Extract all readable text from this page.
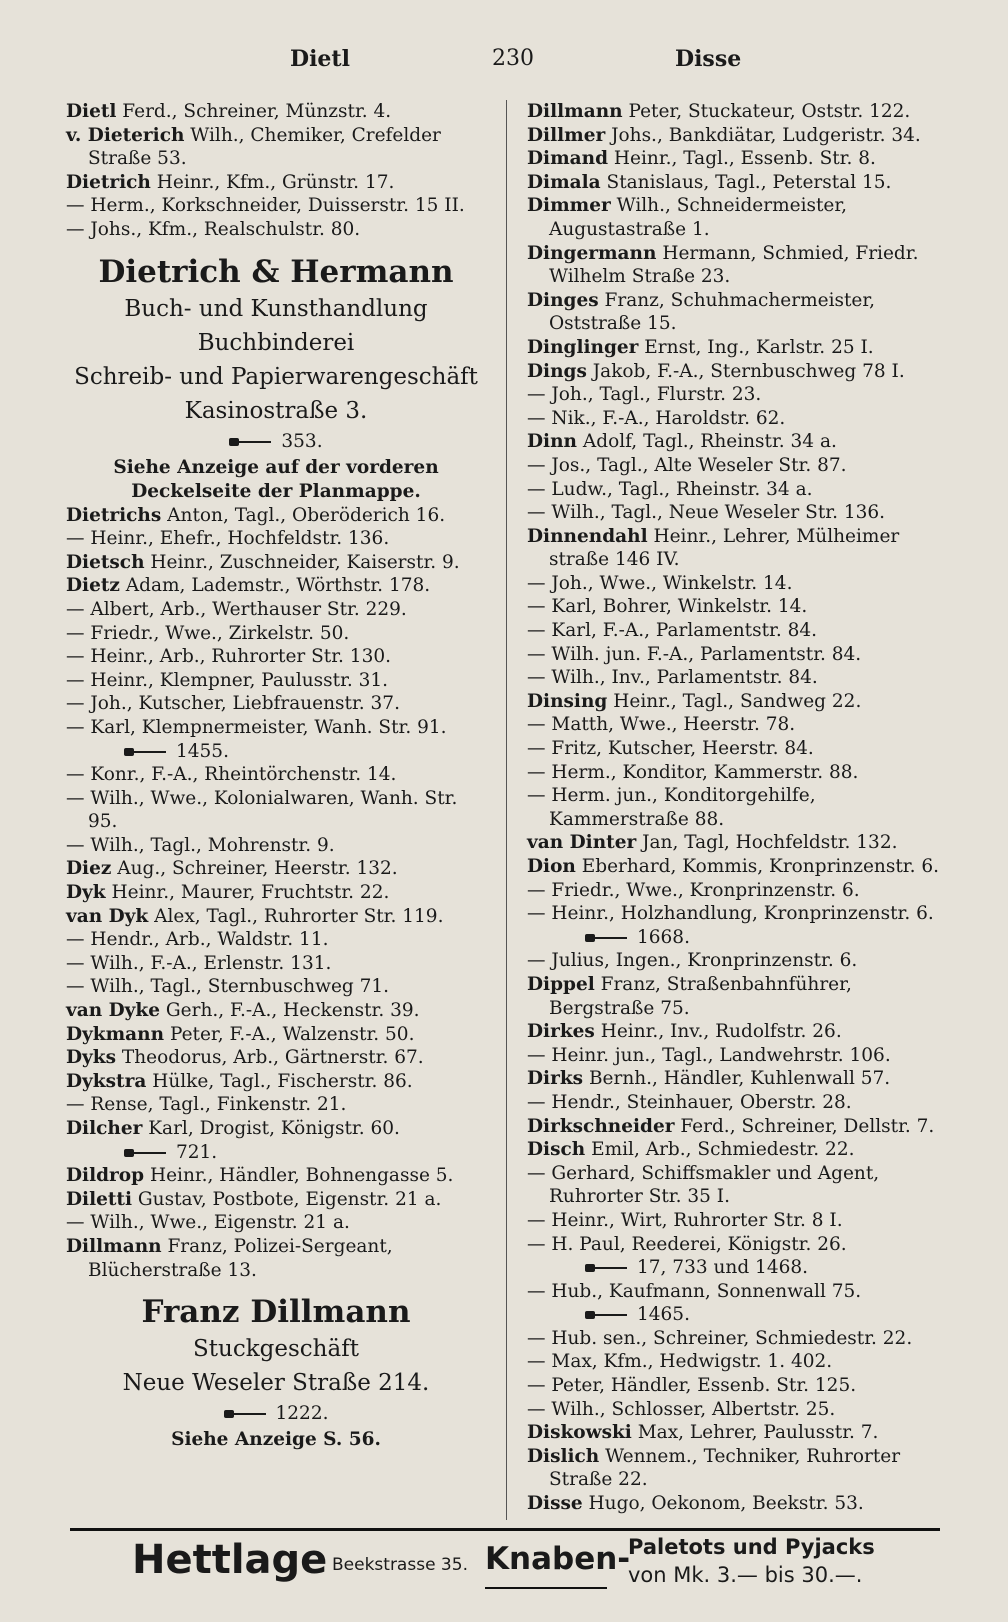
Dietl	230	Disse

Dietl Ferd., Schreiner, Münzstr. 4.

v. Dieterich Wilh., Chemiker, Crefelder Straße 53.

Dietrich Heinr., Kfm., Grünstr. 17.

— Herm., Korkschneider, Duisserstr. 15 II.

— Johs., Kfm., Realschulstr. 80.

Dietrich & Hermann

Buch- und Kunsthandlung

Buchbinderei

Schreib- und Papierwarengeschäft

Kasinostraße 3.

353.

Siehe Anzeige auf der vorderen Deckelseite der Planmappe.

Dietrichs Anton, Tagl., Oberöderich 16.

— Heinr., Ehefr., Hochfeldstr. 136.

Dietsch Heinr., Zuschneider, Kaiserstr. 9.

Dietz Adam, Lademstr., Wörthstr. 178.

— Albert, Arb., Werthauser Str. 229.

— Friedr., Wwe., Zirkelstr. 50.

— Heinr., Arb., Ruhrorter Str. 130.

— Heinr., Klempner, Paulusstr. 31.

— Joh., Kutscher, Liebfrauenstr. 37.

— Karl, Klempnermeister, Wanh. Str. 91.

1455.

— Konr., F.-A., Rheintörchenstr. 14.

— Wilh., Wwe., Kolonialwaren, Wanh. Str. 95.

— Wilh., Tagl., Mohrenstr. 9.

Diez Aug., Schreiner, Heerstr. 132.

Dyk Heinr., Maurer, Fruchtstr. 22.

van Dyk Alex, Tagl., Ruhrorter Str. 119.

— Hendr., Arb., Waldstr. 11.

— Wilh., F.-A., Erlenstr. 131.

— Wilh., Tagl., Sternbuschweg 71.

van Dyke Gerh., F.-A., Heckenstr. 39.

Dykmann Peter, F.-A., Walzenstr. 50.

Dyks Theodorus, Arb., Gärtnerstr. 67.

Dykstra Hülke, Tagl., Fischerstr. 86.

— Rense, Tagl., Finkenstr. 21.

Dilcher Karl, Drogist, Königstr. 60.

721.

Dildrop Heinr., Händler, Bohnengasse 5.

Diletti Gustav, Postbote, Eigenstr. 21 a.

— Wilh., Wwe., Eigenstr. 21 a.

Dillmann Franz, Polizei-Sergeant, Blücherstraße 13.

Franz Dillmann

Stuckgeschäft

Neue Weseler Straße 214.

1222.

Siehe Anzeige S. 56.

Dillmann Peter, Stuckateur, Oststr. 122.

Dillmer Johs., Bankdiätar, Ludgeristr. 34.

Dimand Heinr., Tagl., Essenb. Str. 8.

Dimala Stanislaus, Tagl., Peterstal 15.

Dimmer Wilh., Schneidermeister, Augustastraße 1.

Dingermann Hermann, Schmied, Friedr. Wilhelm Straße 23.

Dinges Franz, Schuhmachermeister, Oststraße 15.

Dinglinger Ernst, Ing., Karlstr. 25 I.

Dings Jakob, F.-A., Sternbuschweg 78 I.

— Joh., Tagl., Flurstr. 23.

— Nik., F.-A., Haroldstr. 62.

Dinn Adolf, Tagl., Rheinstr. 34 a.

— Jos., Tagl., Alte Weseler Str. 87.

— Ludw., Tagl., Rheinstr. 34 a.

— Wilh., Tagl., Neue Weseler Str. 136.

Dinnendahl Heinr., Lehrer, Mülheimer straße 146 IV.

— Joh., Wwe., Winkelstr. 14.

— Karl, Bohrer, Winkelstr. 14.

— Karl, F.-A., Parlamentstr. 84.

— Wilh. jun. F.-A., Parlamentstr. 84.

— Wilh., Inv., Parlamentstr. 84.

Dinsing Heinr., Tagl., Sandweg 22.

— Matth, Wwe., Heerstr. 78.

— Fritz, Kutscher, Heerstr. 84.

— Herm., Konditor, Kammerstr. 88.

— Herm. jun., Konditorgehilfe, Kammerstraße 88.

van Dinter Jan, Tagl, Hochfeldstr. 132.

Dion Eberhard, Kommis, Kronprinzenstr. 6.

— Friedr., Wwe., Kronprinzenstr. 6.

— Heinr., Holzhandlung, Kronprinzenstr. 6.

1668.

— Julius, Ingen., Kronprinzenstr. 6.

Dippel Franz, Straßenbahnführer, Bergstraße 75.

Dirkes Heinr., Inv., Rudolfstr. 26.

— Heinr. jun., Tagl., Landwehrstr. 106.

Dirks Bernh., Händler, Kuhlenwall 57.

— Hendr., Steinhauer, Oberstr. 28.

Dirkschneider Ferd., Schreiner, Dellstr. 7.

Disch Emil, Arb., Schmiedestr. 22.

— Gerhard, Schiffsmakler und Agent, Ruhrorter Str. 35 I.

— Heinr., Wirt, Ruhrorter Str. 8 I.

— H. Paul, Reederei, Königstr. 26.

17, 733 und 1468.

— Hub., Kaufmann, Sonnenwall 75.

1465.

— Hub. sen., Schreiner, Schmiedestr. 22.

— Max, Kfm., Hedwigstr. 1. 402.

— Peter, Händler, Essenb. Str. 125.

— Wilh., Schlosser, Albertstr. 25.

Diskowski Max, Lehrer, Paulusstr. 7.

Dislich Wennem., Techniker, Ruhrorter Straße 22.

Disse Hugo, Oekonom, Beekstr. 53.

Hettlage Beekstrasse 35. Knaben-
Paletots und Pyjacks
von Mk. 3.— bis 30.—.
